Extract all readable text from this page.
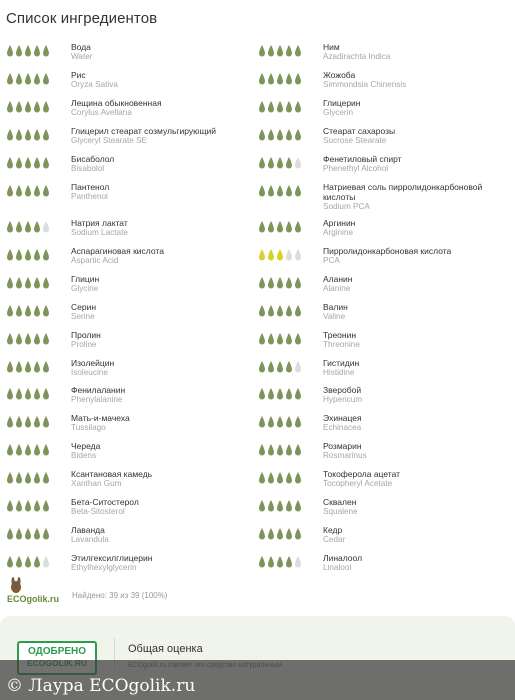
Список ингредиентов
Вода
Water
Рис
Oryza Sativa
Лещина обыкновенная
Corylus Avellana
Глицерил стеарат созмульгирующий
Glyceryl Stearate SE
Бисаболол
Bisabolol
Пантенол
Panthenol
Натрия лактат
Sodium Lactate
Аспарагиновая кислота
Aspartic Acid
Глицин
Glycine
Серин
Serine
Пролин
Proline
Изолейцин
Isoleucine
Фенилаланин
Phenylalanine
Мать-и-мачеха
Tussilago
Череда
Bidens
Ксантановая камедь
Xanthan Gum
Бета-Ситостерол
Beta-Sitosterol
Лаванда
Lavandula
Этилгексилглицерин
Ethylhexylglycerin
Ним
Azadirachta Indica
Жожоба
Simmondsia Chinensis
Глицерин
Glycerin
Стеарат сахарозы
Sucrose Stearate
Фенетиловый спирт
Phenethyl Alcohol
Натриевая соль пирролидонкарбоновой кислоты
Sodium PCA
Аргинин
Arginine
Пирролидонкарбоновая кислота
PCA
Аланин
Alanine
Валин
Valine
Треонин
Threonine
Гистидин
Histidine
Зверобой
Hypericum
Эхинацея
Echinacea
Розмарин
Rosmarinus
Токоферола ацетат
Tocopheryl Acetate
Сквален
Squalene
Кедр
Cedar
Линалоол
Linalool
ECOgolik.ru Найдено: 39 из 39 (100%)
ОДОБРЕНО	Общая оценка
© Лаура ECOgolik.ru
